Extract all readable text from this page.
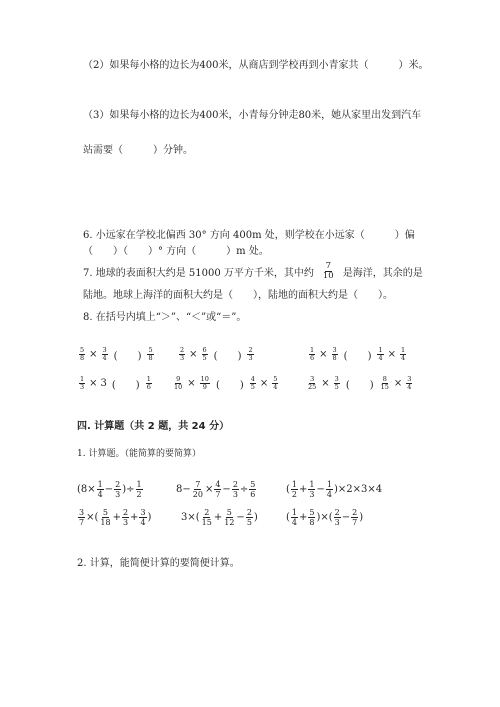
（2）如果每小格的边长为400米，从商店到学校再到小青家共（　　　）米。
（3）如果每小格的边长为400米，小青每分钟走80米，她从家里出发到汽车
站需要（　　　）分钟。
6. 小远家在学校北偏西 30° 方向 400m 处，则学校在小远家（　　　）偏
（　　）（　　）° 方向（　　　）m 处。
7. 地球的表面积大约是 51000 万平方千米，其中约 $\frac{7}{10}$ 是海洋，其余的是
陆地。地球上海洋的面积大约是（　　），陆地的面积大约是（　　）。
8. 在括号内填上“＞”、“＜”或“＝”。
$\frac{5}{8} \times \frac{3}{4}$ (　　) $\frac{5}{8}$	$\frac{2}{3} \times \frac{6}{5}$ (　　) $\frac{2}{3}$	$\frac{1}{6} \times \frac{3}{8}$ (　　) $\frac{1}{4} \times \frac{1}{4}$
$\frac{1}{3} \times 3$ (　　) $\frac{1}{6}$	$\frac{9}{10} \times \frac{10}{9}$ (　　) $\frac{4}{5} \times \frac{5}{4}$	$\frac{3}{25} \times \frac{3}{5}$ (　　) $\frac{8}{15} \times \frac{3}{4}$
四. 计算题（共 2 题，共 24 分）
1. 计算题。（能简算的要简算）
($8\times \frac{1}{4} - \frac{2}{3}$ )÷ $\frac{1}{2}$	$8- \frac{7}{20} \times \frac{4}{7} - \frac{2}{3} \div \frac{5}{6}$	( $\frac{1}{2} + \frac{1}{3} - \frac{1}{4} )\times 2\times 3\times 4$
$\frac{3}{7}$ ×( $\frac{5}{18} + \frac{2}{3} + \frac{3}{4}$ )	$3\times( \frac{2}{15} + \frac{5}{12} - \frac{2}{5}$ )	( $\frac{1}{4} + \frac{5}{8}$ )×( $\frac{2}{3} - \frac{2}{7}$ )
2. 计算，能简便计算的要简便计算。
